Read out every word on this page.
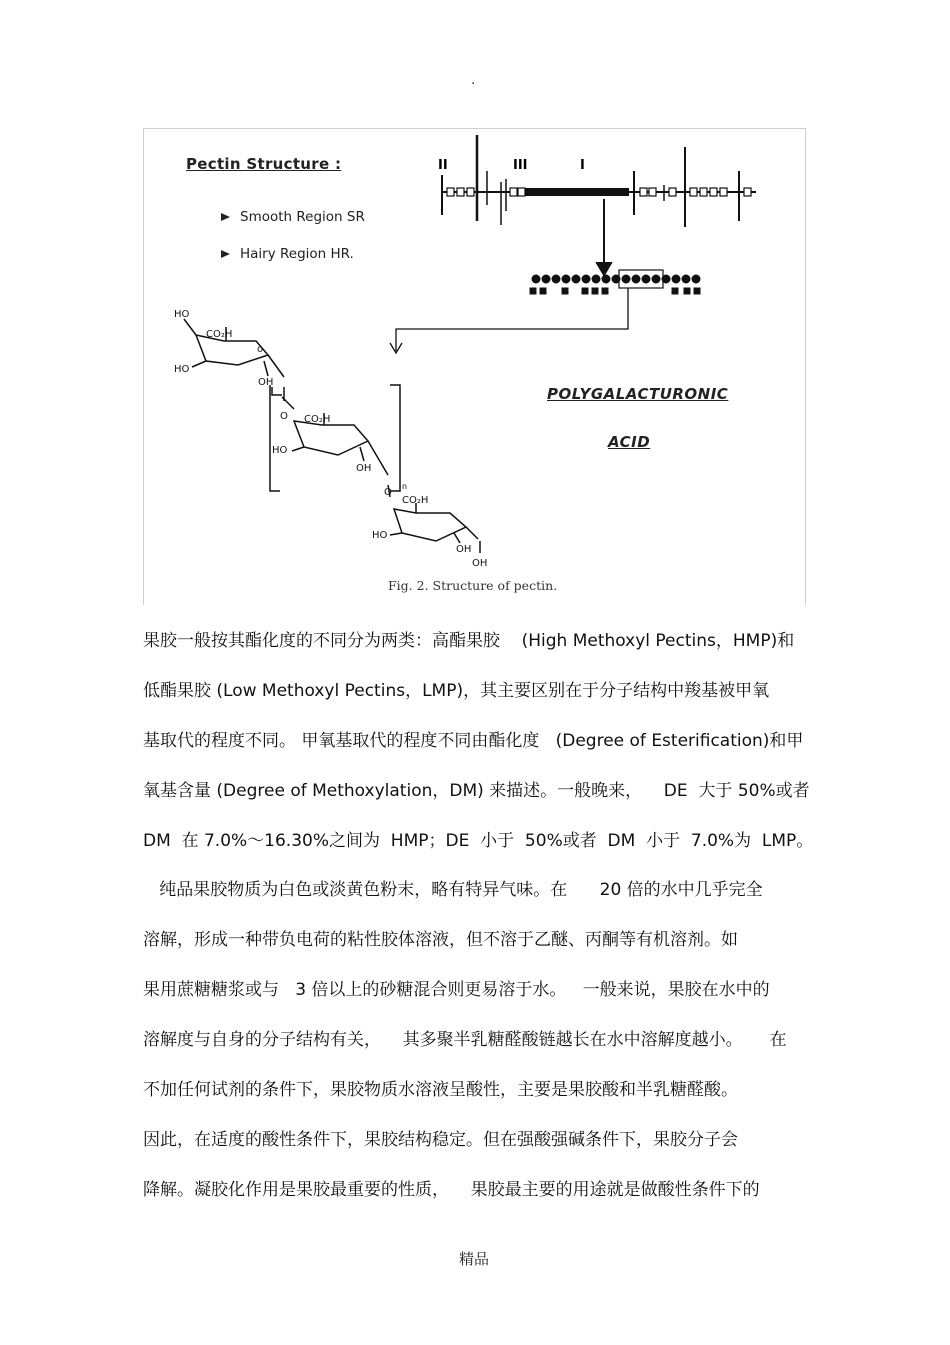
.
II	III	I
HO
CO₂H
HO
OH
o
O CO₂H
HO
OH
O
n
CO₂H
HO
OH
OH
Pectin Structure :
Smooth Region SR
Hairy Region HR.
POLYGALACTURONIC
ACID
Fig. 2. Structure of pectin.
果胶一般按其酯化度的不同分为两类：高酯果胶    (High Methoxyl Pectins，HMP)和
低酯果胶 (Low Methoxyl Pectins，LMP)，其主要区别在于分子结构中羧基被甲氧
基取代的程度不同。 甲氧基取代的程度不同由酯化度   (Degree of Esterification)和甲
氧基含量 (Degree of Methoxylation，DM) 来描述。一般晚来，    DE  大于 50%或者
DM  在 7.0%～16.30%之间为  HMP；DE  小于  50%或者  DM  小于  7.0%为  LMP。
纯品果胶物质为白色或淡黄色粉末，略有特异气味。在      20 倍的水中几乎完全
溶解，形成一种带负电荷的粘性胶体溶液，但不溶于乙醚、丙酮等有机溶剂。如
果用蔗糖糖浆或与   3 倍以上的砂糖混合则更易溶于水。   一般来说，果胶在水中的
溶解度与自身的分子结构有关，    其多聚半乳糖醛酸链越长在水中溶解度越小。     在
不加任何试剂的条件下，果胶物质水溶液呈酸性，主要是果胶酸和半乳糖醛酸。
因此，在适度的酸性条件下，果胶结构稳定。但在强酸强碱条件下，果胶分子会
降解。凝胶化作用是果胶最重要的性质，    果胶最主要的用途就是做酸性条件下的
精品
